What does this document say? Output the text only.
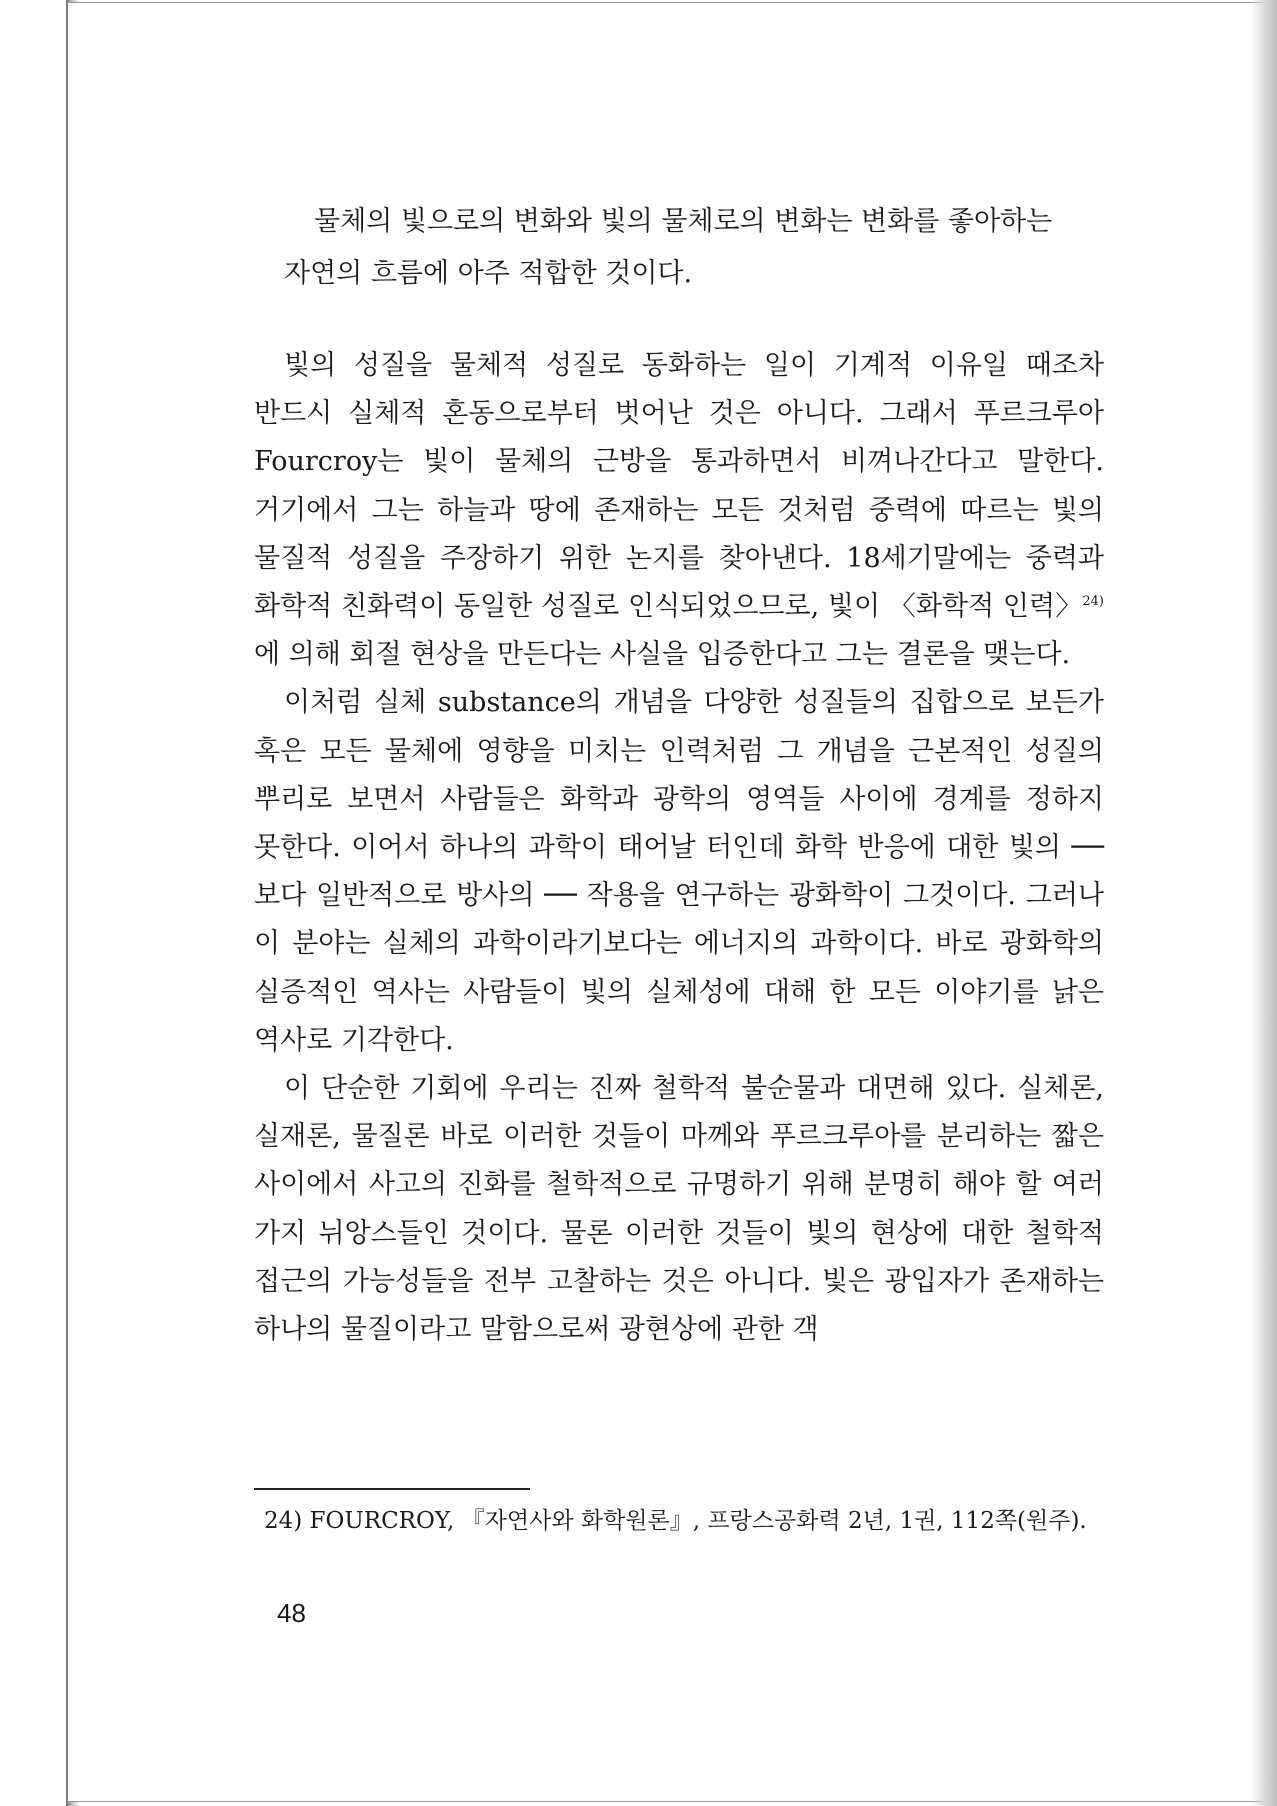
물체의 빛으로의 변화와 빛의 물체로의 변화는 변화를 좋아하는
자연의 흐름에 아주 적합한 것이다.

빛의 성질을 물체적 성질로 동화하는 일이 기계적 이유일 때조차 반드시 실체적 혼동으로부터 벗어난 것은 아니다. 그래서 푸르크루아 Fourcroy는 빛이 물체의 근방을 통과하면서 비껴나간다고 말한다. 거기에서 그는 하늘과 땅에 존재하는 모든 것처럼 중력에 따르는 빛의 물질적 성질을 주장하기 위한 논지를 찾아낸다. 18세기말에는 중력과 화학적 친화력이 동일한 성질로 인식되었으므로, 빛이 〈화학적 인력〉$^{24)}$에 의해 회절 현상을 만든다는 사실을 입증한다고 그는 결론을 맺는다.

이처럼 실체 substance의 개념을 다양한 성질들의 집합으로 보든가 혹은 모든 물체에 영향을 미치는 인력처럼 그 개념을 근본적인 성질의 뿌리로 보면서 사람들은 화학과 광학의 영역들 사이에 경계를 정하지 못한다. 이어서 하나의 과학이 태어날 터인데 화학 반응에 대한 빛의 ── 보다 일반적으로 방사의 ── 작용을 연구하는 광화학이 그것이다. 그러나 이 분야는 실체의 과학이라기보다는 에너지의 과학이다. 바로 광화학의 실증적인 역사는 사람들이 빛의 실체성에 대해 한 모든 이야기를 낡은 역사로 기각한다.

이 단순한 기회에 우리는 진짜 철학적 불순물과 대면해 있다. 실체론, 실재론, 물질론 바로 이러한 것들이 마께와 푸르크루아를 분리하는 짧은 사이에서 사고의 진화를 철학적으로 규명하기 위해 분명히 해야 할 여러 가지 뉘앙스들인 것이다. 물론 이러한 것들이 빛의 현상에 대한 철학적 접근의 가능성들을 전부 고찰하는 것은 아니다. 빛은 광입자가 존재하는 하나의 물질이라고 말함으로써 광현상에 관한 객

24) FOURCROY, 『자연사와 화학원론』, 프랑스공화력 2년, 1권, 112쪽(원주).
48
